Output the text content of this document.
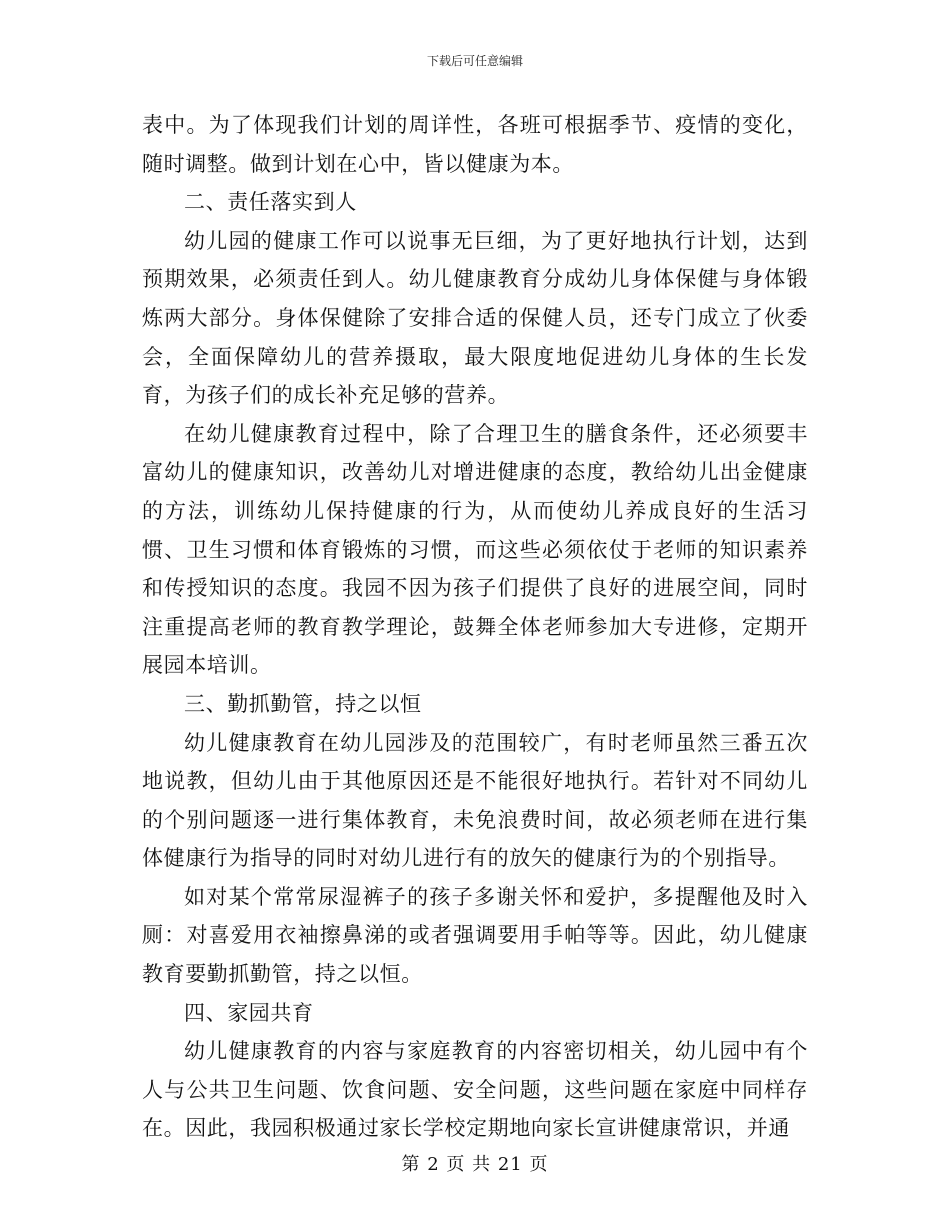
下载后可任意编辑

表中。为了体现我们计划的周详性，各班可根据季节、疫情的变化，随时调整。做到计划在心中，皆以健康为本。

二、责任落实到人

幼儿园的健康工作可以说事无巨细，为了更好地执行计划，达到预期效果，必须责任到人。幼儿健康教育分成幼儿身体保健与身体锻炼两大部分。身体保健除了安排合适的保健人员，还专门成立了伙委会，全面保障幼儿的营养摄取，最大限度地促进幼儿身体的生长发育，为孩子们的成长补充足够的营养。

在幼儿健康教育过程中，除了合理卫生的膳食条件，还必须要丰富幼儿的健康知识，改善幼儿对增进健康的态度，教给幼儿出金健康的方法，训练幼儿保持健康的行为，从而使幼儿养成良好的生活习惯、卫生习惯和体育锻炼的习惯，而这些必须依仗于老师的知识素养和传授知识的态度。我园不因为孩子们提供了良好的进展空间，同时注重提高老师的教育教学理论，鼓舞全体老师参加大专进修，定期开展园本培训。

三、勤抓勤管，持之以恒

幼儿健康教育在幼儿园涉及的范围较广，有时老师虽然三番五次地说教，但幼儿由于其他原因还是不能很好地执行。若针对不同幼儿的个别问题逐一进行集体教育，未免浪费时间，故必须老师在进行集体健康行为指导的同时对幼儿进行有的放矢的健康行为的个别指导。

如对某个常常尿湿裤子的孩子多谢关怀和爱护，多提醒他及时入厕：对喜爱用衣袖擦鼻涕的或者强调要用手帕等等。因此，幼儿健康教育要勤抓勤管，持之以恒。

四、家园共育

幼儿健康教育的内容与家庭教育的内容密切相关，幼儿园中有个人与公共卫生问题、饮食问题、安全问题，这些问题在家庭中同样存在。因此，我园积极通过家长学校定期地向家长宣讲健康常识，并通

第 2 页 共 21 页
